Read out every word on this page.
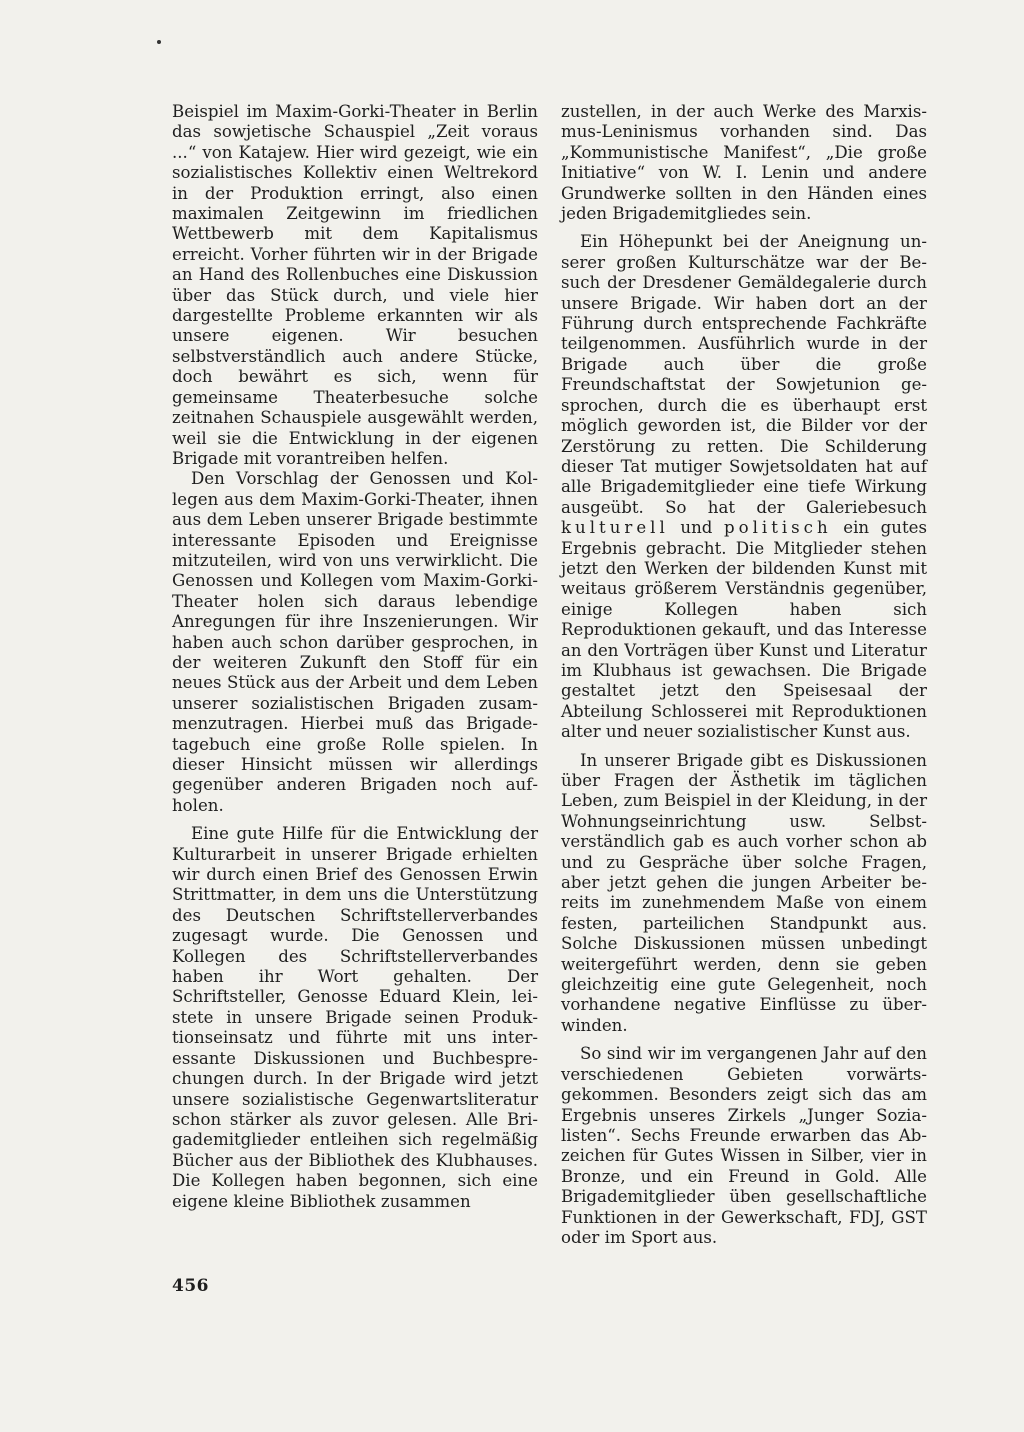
Beispiel im Maxim-Gorki-Theater in Berlin das sowjetische Schauspiel „Zeit voraus ...“ von Katajew. Hier wird gezeigt, wie ein sozialistisches Kollektiv einen Weltrekord in der Produktion erringt, also einen maximalen Zeitgewinn im friedlichen Wettbewerb mit dem Kapitalismus erreicht. Vorher führten wir in der Brigade an Hand des Rollenbuches eine Diskussion über das Stück durch, und viele hier dargestellte Probleme erkannten wir als unsere eigenen. Wir besuchen selbstverständlich auch andere Stücke, doch bewährt es sich, wenn für gemeinsame Theaterbesuche solche zeitnahen Schauspiele ausgewählt werden, weil sie die Entwicklung in der eigenen Brigade mit vorantreiben helfen.

Den Vorschlag der Genossen und Kollegen aus dem Maxim-Gorki-Theater, ihnen aus dem Leben unserer Brigade bestimmte interessante Episoden und Ereignisse mitzuteilen, wird von uns verwirklicht. Die Genossen und Kollegen vom Maxim-Gorki-Theater holen sich daraus lebendige Anregungen für ihre Inszenierungen. Wir haben auch schon darüber gesprochen, in der weiteren Zukunft den Stoff für ein neues Stück aus der Arbeit und dem Leben unserer sozialistischen Brigaden zusammenzutragen. Hierbei muß das Brigadetagebuch eine große Rolle spielen. In dieser Hinsicht müssen wir allerdings gegenüber anderen Brigaden noch aufholen.

Eine gute Hilfe für die Entwicklung der Kulturarbeit in unserer Brigade erhielten wir durch einen Brief des Genossen Erwin Strittmatter, in dem uns die Unterstützung des Deutschen Schriftstellerverbandes zugesagt wurde. Die Genossen und Kollegen des Schriftstellerverbandes haben ihr Wort gehalten. Der Schriftsteller, Genosse Eduard Klein, leistete in unsere Brigade seinen Produktionseinsatz und führte mit uns interessante Diskussionen und Buchbesprechungen durch. In der Brigade wird jetzt unsere sozialistische Gegenwartsliteratur schon stärker als zuvor gelesen. Alle Brigademitglieder entleihen sich regelmäßig Bücher aus der Bibliothek des Klubhauses. Die Kollegen haben begonnen, sich eine eigene kleine Bibliothek zusammen

zustellen, in der auch Werke des Marxismus-Leninismus vorhanden sind. Das „Kommunistische Manifest“, „Die große Initiative“ von W. I. Lenin und andere Grundwerke sollten in den Händen eines jeden Brigademitgliedes sein.

Ein Höhepunkt bei der Aneignung unserer großen Kulturschätze war der Besuch der Dresdener Gemäldegalerie durch unsere Brigade. Wir haben dort an der Führung durch entsprechende Fachkräfte teilgenommen. Ausführlich wurde in der Brigade auch über die große Freundschaftstat der Sowjetunion gesprochen, durch die es überhaupt erst möglich geworden ist, die Bilder vor der Zerstörung zu retten. Die Schilderung dieser Tat mutiger Sowjetsoldaten hat auf alle Brigademitglieder eine tiefe Wirkung ausgeübt. So hat der Galeriebesuch kulturell und politisch ein gutes Ergebnis gebracht. Die Mitglieder stehen jetzt den Werken der bildenden Kunst mit weitaus größerem Verständnis gegenüber, einige Kollegen haben sich Reproduktionen gekauft, und das Interesse an den Vorträgen über Kunst und Literatur im Klubhaus ist gewachsen. Die Brigade gestaltet jetzt den Speisesaal der Abteilung Schlosserei mit Reproduktionen alter und neuer sozialistischer Kunst aus.

In unserer Brigade gibt es Diskussionen über Fragen der Ästhetik im täglichen Leben, zum Beispiel in der Kleidung, in der Wohnungseinrichtung usw. Selbstverständlich gab es auch vorher schon ab und zu Gespräche über solche Fragen, aber jetzt gehen die jungen Arbeiter bereits im zunehmendem Maße von einem festen, parteilichen Standpunkt aus. Solche Diskussionen müssen unbedingt weitergeführt werden, denn sie geben gleichzeitig eine gute Gelegenheit, noch vorhandene negative Einflüsse zu überwinden.

So sind wir im vergangenen Jahr auf den verschiedenen Gebieten vorwärtsgekommen. Besonders zeigt sich das am Ergebnis unseres Zirkels „Junger Sozialisten“. Sechs Freunde erwarben das Abzeichen für Gutes Wissen in Silber, vier in Bronze, und ein Freund in Gold. Alle Brigademitglieder üben gesellschaftliche Funktionen in der Gewerkschaft, FDJ, GST oder im Sport aus.

456
